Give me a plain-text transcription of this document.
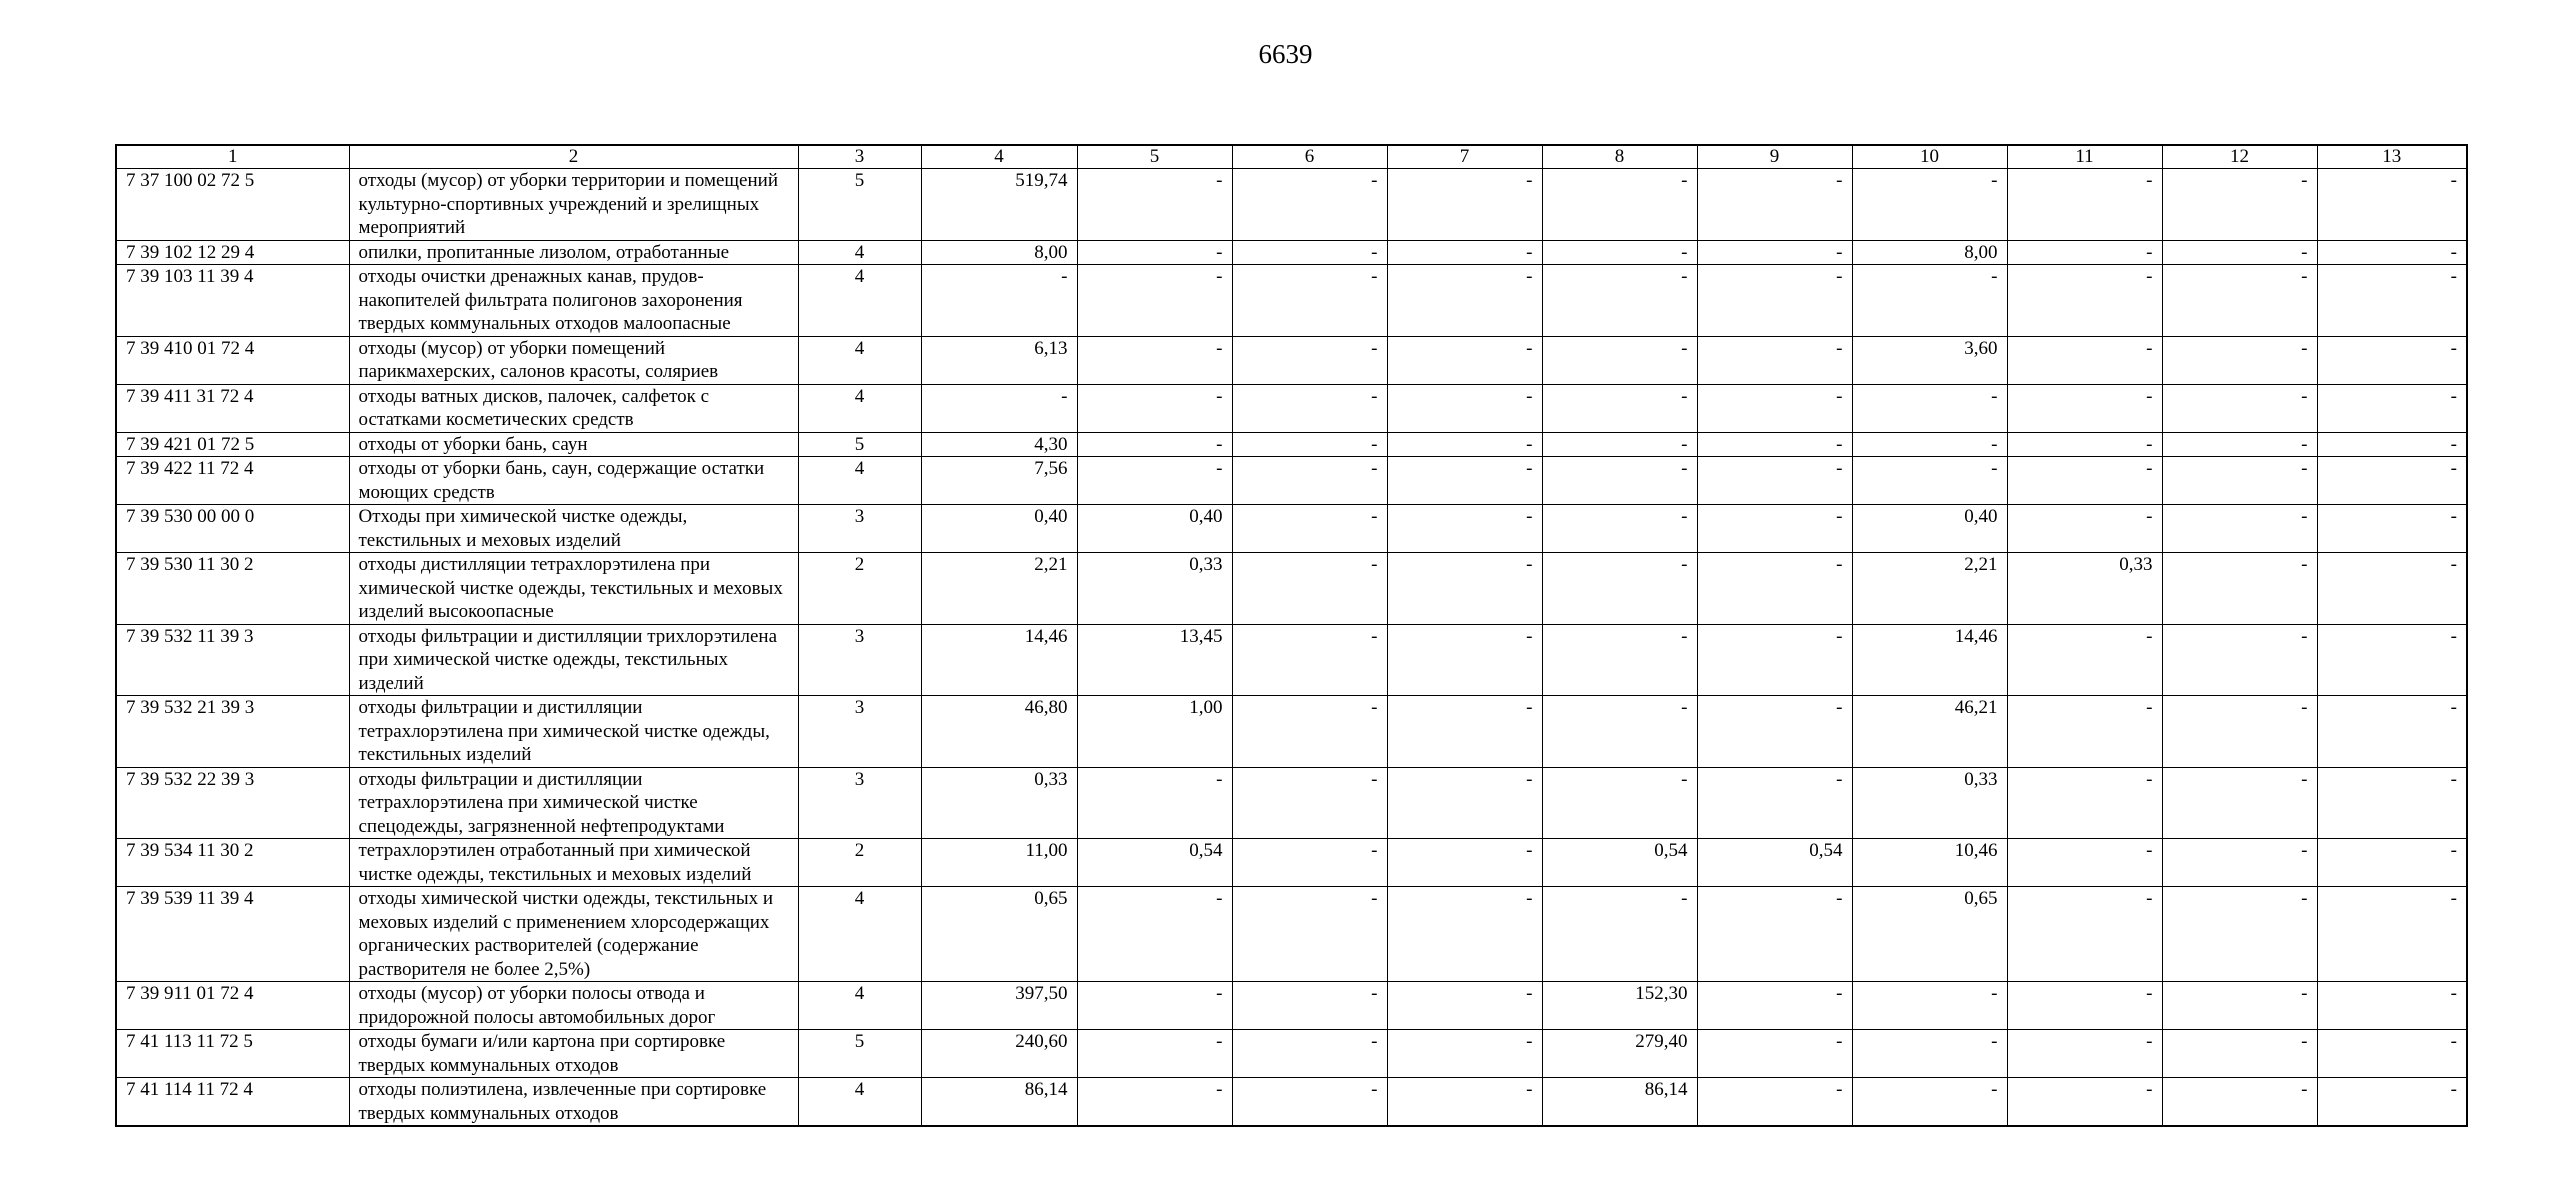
6639
1	2	3	4	5	6	7	8	9	10	11	12	13
7 37 100 02 72 5	отходы (мусор) от уборки территории и помещений культурно-спортивных учреждений и зрелищных мероприятий	5	519,74	-	-	-	-	-	-	-	-	-
7 39 102 12 29 4	опилки, пропитанные лизолом, отработанные	4	8,00	-	-	-	-	-	8,00	-	-	-
7 39 103 11 39 4	отходы очистки дренажных канав, прудов-накопителей фильтрата полигонов захоронения твердых коммунальных отходов малоопасные	4	-	-	-	-	-	-	-	-	-	-
7 39 410 01 72 4	отходы (мусор) от уборки помещений парикмахерских, салонов красоты, соляриев	4	6,13	-	-	-	-	-	3,60	-	-	-
7 39 411 31 72 4	отходы ватных дисков, палочек, салфеток с остатками косметических средств	4	-	-	-	-	-	-	-	-	-	-
7 39 421 01 72 5	отходы от уборки бань, саун	5	4,30	-	-	-	-	-	-	-	-	-
7 39 422 11 72 4	отходы от уборки бань, саун, содержащие остатки моющих средств	4	7,56	-	-	-	-	-	-	-	-	-
7 39 530 00 00 0	Отходы при химической чистке одежды, текстильных и меховых изделий	3	0,40	0,40	-	-	-	-	0,40	-	-	-
7 39 530 11 30 2	отходы дистилляции тетрахлорэтилена при химической чистке одежды, текстильных и меховых изделий высокоопасные	2	2,21	0,33	-	-	-	-	2,21	0,33	-	-
7 39 532 11 39 3	отходы фильтрации и дистилляции трихлорэтилена при химической чистке одежды, текстильных изделий	3	14,46	13,45	-	-	-	-	14,46	-	-	-
7 39 532 21 39 3	отходы фильтрации и дистилляции тетрахлорэтилена при химической чистке одежды, текстильных изделий	3	46,80	1,00	-	-	-	-	46,21	-	-	-
7 39 532 22 39 3	отходы фильтрации и дистилляции тетрахлорэтилена при химической чистке спецодежды, загрязненной нефтепродуктами	3	0,33	-	-	-	-	-	0,33	-	-	-
7 39 534 11 30 2	тетрахлорэтилен отработанный при химической чистке одежды, текстильных и меховых изделий	2	11,00	0,54	-	-	0,54	0,54	10,46	-	-	-
7 39 539 11 39 4	отходы химической чистки одежды, текстильных и меховых изделий с применением хлорсодержащих органических растворителей (содержание растворителя не более 2,5%)	4	0,65	-	-	-	-	-	0,65	-	-	-
7 39 911 01 72 4	отходы (мусор) от уборки полосы отвода и придорожной полосы автомобильных дорог	4	397,50	-	-	-	152,30	-	-	-	-	-
7 41 113 11 72 5	отходы бумаги и/или картона при сортировке твердых коммунальных отходов	5	240,60	-	-	-	279,40	-	-	-	-	-
7 41 114 11 72 4	отходы полиэтилена, извлеченные при сортировке твердых коммунальных отходов	4	86,14	-	-	-	86,14	-	-	-	-	-
